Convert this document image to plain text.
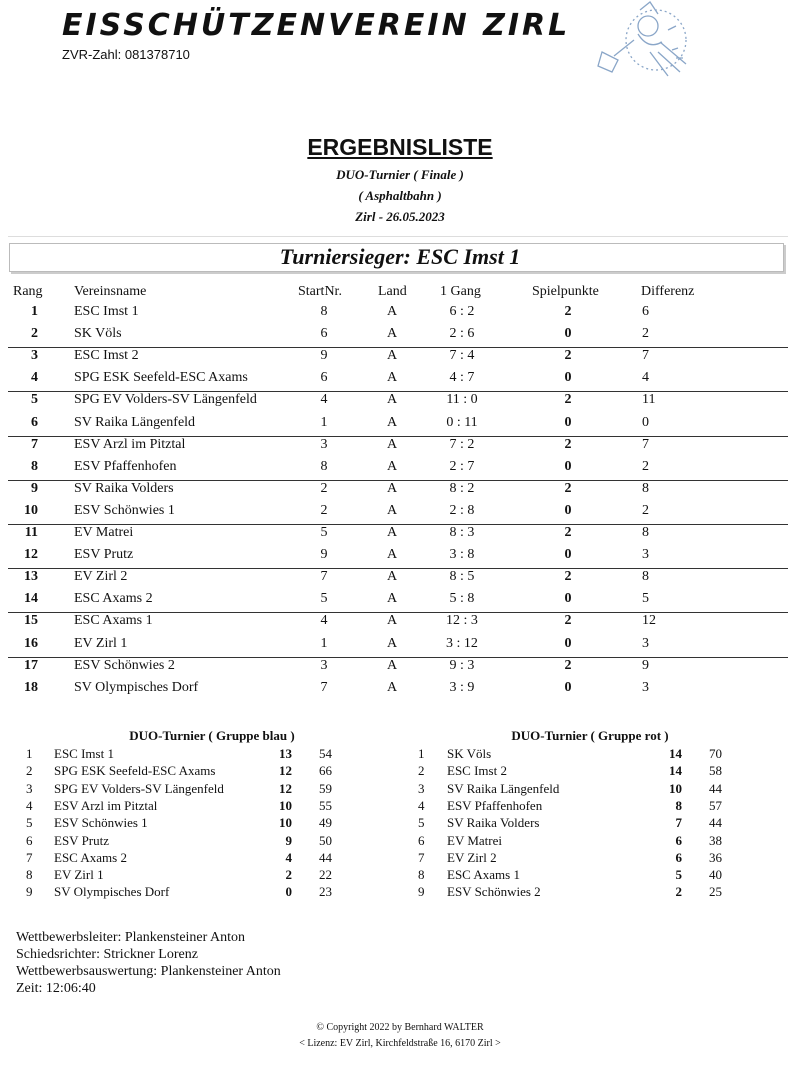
EISSCHÜTZENVEREIN ZIRL
ZVR-Zahl: 081378710
ERGEBNISLISTE
DUO-Turnier ( Finale )
( Asphaltbahn )
Zirl - 26.05.2023
Turniersieger: ESC Imst 1
Rang Vereinsname	StartNr.	Land 1 Gang	Spielpunkte	Differenz
1	ESC Imst 1	8	A	6 : 2	2	6
2	SK Völs	6	A	2 : 6	0	2
3	ESC Imst 2	9	A	7 : 4	2	7
4	SPG ESK Seefeld-ESC Axams	6	A	4 : 7	0	4
5	SPG EV Volders-SV Längenfeld	4	A	11 : 0	2	11
6	SV Raika Längenfeld	1	A	0 : 11	0	0
7	ESV Arzl im Pitztal	3	A	7 : 2	2	7
8	ESV Pfaffenhofen	8	A	2 : 7	0	2
9	SV Raika Volders	2	A	8 : 2	2	8
10	ESV Schönwies 1	2	A	2 : 8	0	2
11	EV Matrei	5	A	8 : 3	2	8
12	ESV Prutz	9	A	3 : 8	0	3
13	EV Zirl 2	7	A	8 : 5	2	8
14	ESC Axams 2	5	A	5 : 8	0	5
15	ESC Axams 1	4	A	12 : 3	2	12
16	EV Zirl 1	1	A	3 : 12	0	3
17	ESV Schönwies 2	3	A	9 : 3	2	9
18	SV Olympisches Dorf	7	A	3 : 9	0	3
1 ESC Imst 1	13 54
2 SPG ESK Seefeld-ESC Axams	12 66
3 SPG EV Volders-SV Längenfeld	12 59
4 ESV Arzl im Pitztal	10 55
5 ESV Schönwies 1	10 49
6 ESV Prutz	9 50
7 ESC Axams 2	4 44
8 EV Zirl 1	2 22
9 SV Olympisches Dorf	0 23
1 SK Völs	14 70
2 ESC Imst 2	14 58
3 SV Raika Längenfeld	10 44
4 ESV Pfaffenhofen	8 57
5 SV Raika Volders	7 44
6 EV Matrei	6 38
7 EV Zirl 2	6 36
8 ESC Axams 1	5 40
9 ESV Schönwies 2	2 25
DUO-Turnier ( Gruppe blau )	DUO-Turnier ( Gruppe rot )
Wettbewerbsleiter: Plankensteiner Anton
Schiedsrichter: Strickner Lorenz
Wettbewerbsauswertung: Plankensteiner Anton
Zeit: 12:06:40
© Copyright 2022 by Bernhard WALTER
< Lizenz: EV Zirl, Kirchfeldstraße 16, 6170 Zirl >
